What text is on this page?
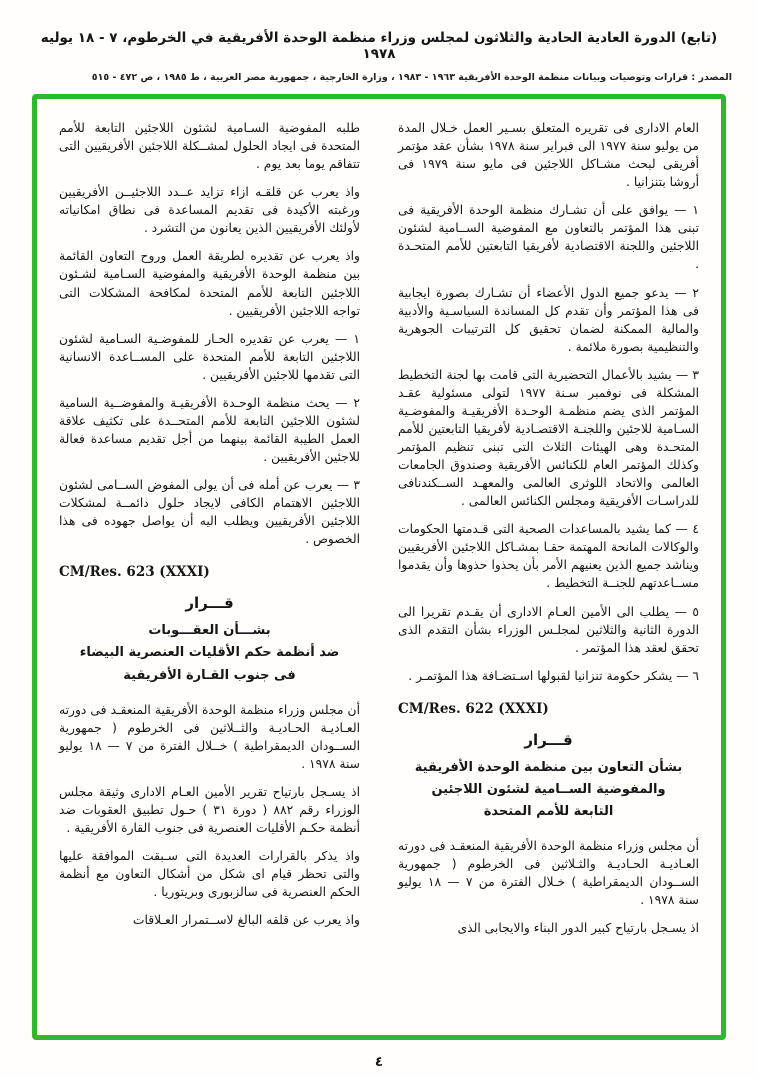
(تابع) الدورة العادية الحادية والثلاثون لمجلس وزراء منظمة الوحدة الأفريقية في الخرطوم، ٧ - ١٨ يوليه ١٩٧٨
المصدر : قرارات وتوصيات وبيانات منظمة الوحدة الأفريقية ١٩٦٣ - ١٩٨٣ ، وزارة الخارجية ، جمهورية مصر العربية ، ط ١٩٨٥ ، ص ٤٧٢ - ٥١٥
العام الادارى فى تقريره المتعلق بسـير العمل خـلال المدة من يوليو سنة ١٩٧٧ الى فبراير سنة ١٩٧٨ بشأن عقد مؤتمر أفريقى لبحث مشـاكل اللاجئين فى مايو سنة ١٩٧٩ فى أروشا بتنزانيا .
١ — يوافق على أن تشـارك منظمة الوحدة الأفريقية فى تبنى هذا المؤتمر بالتعاون مع المفوضية الســامية لشئون اللاجئين واللجنة الاقتصادية لأفريقيا التابعتين للأمم المتحـدة .
٢ — يدعو جميع الدول الأعضاء أن تشـارك بصورة ايجابية فى هذا المؤتمر وأن تقدم كل المساندة السياسـية والأدبية والمالية الممكنة لضمان تحقيق كل الترتيبات الجوهرية والتنظيمية بصورة ملائمة .
٣ — يشيد بالأعمال التحضيرية التى قامت بها لجنة التخطيط المشكلة فى نوفمبر سـنة ١٩٧٧ لتولى مسئولية عقـد المؤتمر الذى يضم منظمـة الوحـدة الأفريقيـة والمفوضـية السـامية للاجئين واللجنـة الاقتصـادية لأفريقيا التابعتين للأمم المتحـدة وهى الهيئات الثلاث التى تبنى تنظيم المؤتمر وكذلك المؤتمر العام للكنائس الأفريقية وصندوق الجامعات العالمى والاتحاد اللوثرى العالمى والمعهـد الســكندنافى للدراسـات الأفريقية ومجلس الكنائس العالمى .
٤ — كما يشيد بالمساعدات الصحية التى قـدمتها الحكومات والوكالات المانحة المهتمة حقـا بمشـاكل اللاجئين الأفريقيين ويناشد جميع الذين يعنيهم الأمر بأن يحذوا حذوها وأن يقدموا مســاعدتهم للجنــة التخطيط .
٥ — يطلب الى الأمين العـام الادارى أن يقـدم تقريرا الى الدورة الثانية والثلاثين لمجلـس الوزراء بشأن التقدم الذى تحقق لعقد هذا المؤتمر .
٦ — يشكر حكومة تنزانيا لقبولها اسـتضـافة هذا المؤتمـر .
CM/Res. 622 (XXXI)
قـــرار
بشأن التعاون بين منظمة الوحدة الأفريقية
والمفوضية الســامية لشئون اللاجئين
التابعة للأمم المتحدة
أن مجلس وزراء منظمة الوحدة الأفريقية المنعقـد فى دورته العـاديـة الحـاديـة والثـلاثين فى الخرطوم ( جمهورية الســودان الديمقراطية ) خـلال الفترة من ٧ — ١٨ يوليو سنة ١٩٧٨ .
اذ يسـجل بارتياح كبير الدور البناء والايجابى الذى
طلبه المفوضية السـامية لشئون اللاجئين التابعة للأمم المتحدة فى ايجاد الحلول لمشــكلة اللاجئين الأفريقيين التى تتفاقم يوما بعد يوم .
واذ يعرب عن قلقـه ازاء تزايد عــدد اللاجئيــن الأفريقيين ورغبته الأكيدة فى تقديم المساعدة فى نطاق امكانياته لأولئك الأفريقيين الذين يعانون من التشرد .
واذ يعرب عن تقديره لطريقة العمل وروح التعاون القائمة بين منظمة الوحدة الأفريقية والمفوضية السـامية لشـئون اللاجئين التابعة للأمم المتحدة لمكافحة المشكلات التى تواجه اللاجئين الأفريقيين .
١ — يعرب عن تقديره الحـار للمفوضـية السـامية لشئون اللاجئين التابعة للأمم المتحدة على المســاعدة الانسانية التى تقدمها للاجئين الأفريقيين .
٢ — يحث منظمة الوحـدة الأفريقيـة والمفوضــية السامية لشئون اللاجئين التابعة للأمم المتحــدة على تكثيف علاقة العمل الطيبة القائمة بينهما من أجل تقديم مساعدة فعالة للاجئين الأفريقيين .
٣ — يعرب عن أمله فى أن يولى المفوض الســامى لشئون اللاجئين الاهتمام الكافى لايجاد حلول دائمــة لمشكلات اللاجئين الأفريقيين ويطلب اليه أن يواصل جهوده فى هذا الخصوص .
CM/Res. 623 (XXXI)
قـــرار
بشـــأن العقـــوبات
ضد أنظمة حكم الأقليات العنصرية البيضاء
فى جنوب القـارة الأفريقية
أن مجلس وزراء منظمة الوحدة الأفريقية المنعقـد فى دورته العـاديـة الحـاديـة والثــلاثين فى الخرطوم ( جمهورية الســودان الديمقراطية ) خــلال الفترة من ٧ — ١٨ يوليو سنة ١٩٧٨ .
اذ يسـجل بارتياح تقرير الأمين العـام الادارى وثيقة مجلس الوزراء رقم ٨٨٢ ( دورة ٣١ ) حـول تطبيق العقوبات ضد أنظمة حكـم الأقليات العنصرية فى جنوب القارة الأفريقية .
واذ يذكر بالقرارات العديدة التى سـبقت الموافقة عليها والتى تحظر قيام اى شكل من أشكال التعاون مع أنظمة الحكم العنصرية فى سالزبورى وبريتوريا .
واذ يعرب عن قلقه البالغ لاســتمرار العـلاقات
٤
